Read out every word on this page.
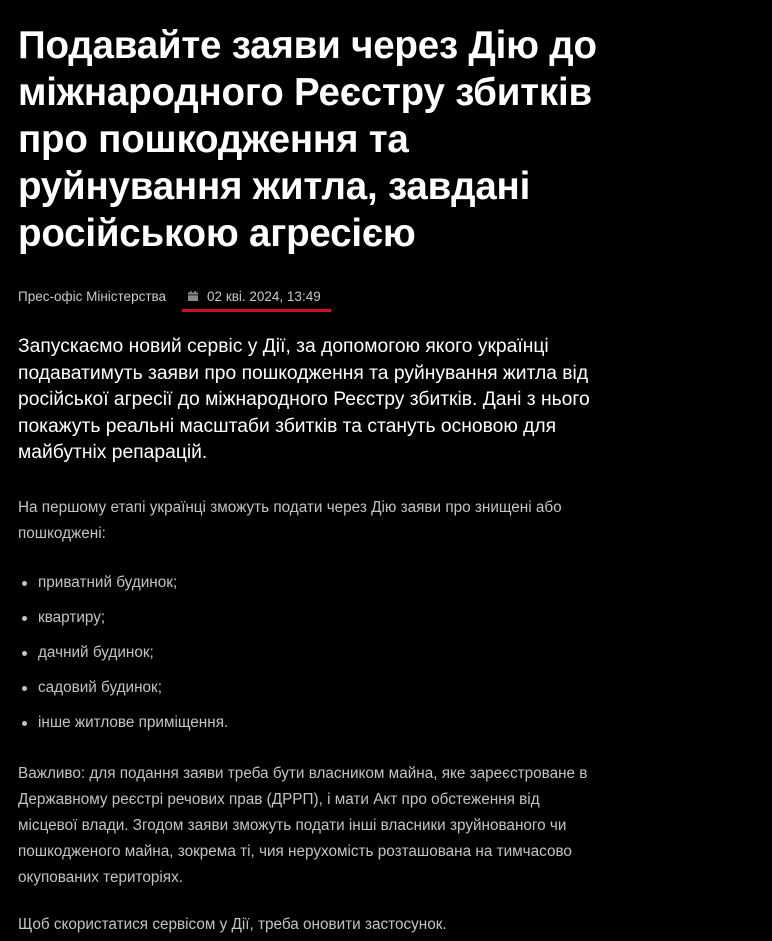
Подавайте заяви через Дію до міжнародного Реєстру збитків про пошкодження та руйнування житла, завдані російською агресією
Прес-офіс Міністерства	02 кві. 2024, 13:49

Запускаємо новий сервіс у Дії, за допомогою якого українці подаватимуть заяви про пошкодження та руйнування житла від російської агресії до міжнародного Реєстру збитків. Дані з нього покажуть реальні масштаби збитків та стануть основою для майбутніх репарацій.

На першому етапі українці зможуть подати через Дію заяви про знищені або пошкоджені:

приватний будинок;
квартиру;
дачний будинок;
садовий будинок;
інше житлове приміщення.

Важливо: для подання заяви треба бути власником майна, яке зареєстроване в Державному реєстрі речових прав (ДРРП), і мати Акт про обстеження від місцевої влади. Згодом заяви зможуть подати інші власники зруйнованого чи пошкодженого майна, зокрема ті, чия нерухомість розташована на тимчасово окупованих територіях.

Щоб скористатися сервісом у Дії, треба оновити застосунок.
